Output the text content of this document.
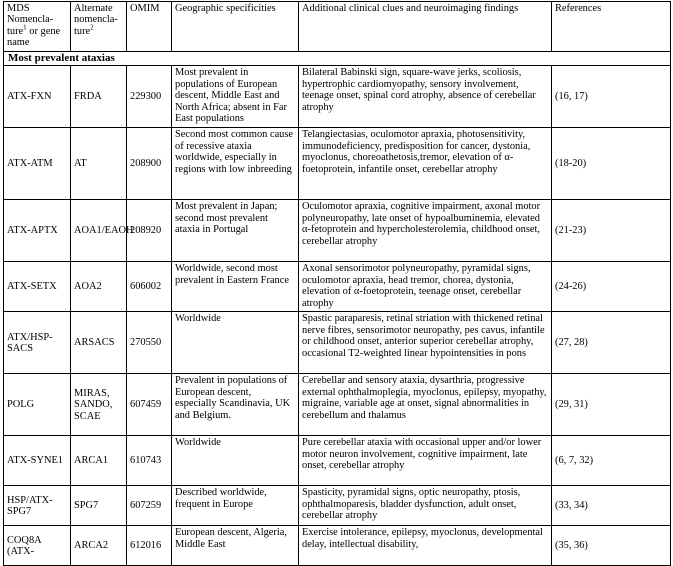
MDS Nomencla-ture$^1$ or gene name	Alternate nomencla-ture$^2$	OMIM	Geographic specificities	Additional clinical clues and neuroimaging findings	References
Most prevalent ataxias					
ATX-FXN	FRDA	229300	Most prevalent in populations of European descent, Middle East and North Africa; absent in Far East populations	Bilateral Babinski sign, square-wave jerks, scoliosis, hypertrophic cardiomyopathy, sensory involvement, teenage onset, spinal cord atrophy, absence of cerebellar atrophy	(16, 17)
ATX-ATM	AT	208900	Second most common cause of recessive ataxia worldwide, especially in regions with low inbreeding	Telangiectasias, oculomotor apraxia, photosensitivity, immunodeficiency, predisposition for cancer, dystonia, myoclonus, choreoathetosis,tremor, elevation of α-foetoprotein, infantile onset, cerebellar atrophy	(18-20)
ATX-APTX	AOA1/EAOH	208920	Most prevalent in Japan; second most prevalent ataxia in Portugal	Oculomotor apraxia, cognitive impairment, axonal motor polyneuropathy, late onset of hypoalbuminemia, elevated α-fetoprotein and hypercholesterolemia, childhood onset, cerebellar atrophy	(21-23)
ATX-SETX	AOA2	606002	Worldwide, second most prevalent in Eastern France	Axonal sensorimotor polyneuropathy, pyramidal signs, oculomotor apraxia, head tremor, chorea, dystonia, elevation of α-foetoprotein, teenage onset, cerebellar atrophy	(24-26)
ATX/HSP-SACS	ARSACS	270550	Worldwide	Spastic paraparesis, retinal striation with thickened retinal nerve fibres, sensorimotor neuropathy, pes cavus, infantile or childhood onset, anterior superior cerebellar atrophy, occasional T2-weighted linear hypointensities in pons	(27, 28)
POLG	MIRAS, SANDO, SCAE	607459	Prevalent in populations of European descent, especially Scandinavia, UK and Belgium.	Cerebellar and sensory ataxia, dysarthria, progressive external ophthalmoplegia, myoclonus, epilepsy, myopathy, migraine, variable age at onset, signal abnormalities in cerebellum and thalamus	(29, 31)
ATX-SYNE1	ARCA1	610743	Worldwide	Pure cerebellar ataxia with occasional upper and/or lower motor neuron involvement, cognitive impairment, late onset, cerebellar atrophy	(6, 7, 32)
HSP/ATX-SPG7	SPG7	607259	Described worldwide, frequent in Europe	Spasticity, pyramidal signs, optic neuropathy, ptosis, ophthalmoparesis, bladder dysfunction, adult onset, cerebellar atrophy	(33, 34)
COQ8A (ATX-	ARCA2	612016	European descent, Algeria, Middle East	Exercise intolerance, epilepsy, myoclonus, developmental delay, intellectual disability,	(35, 36)
